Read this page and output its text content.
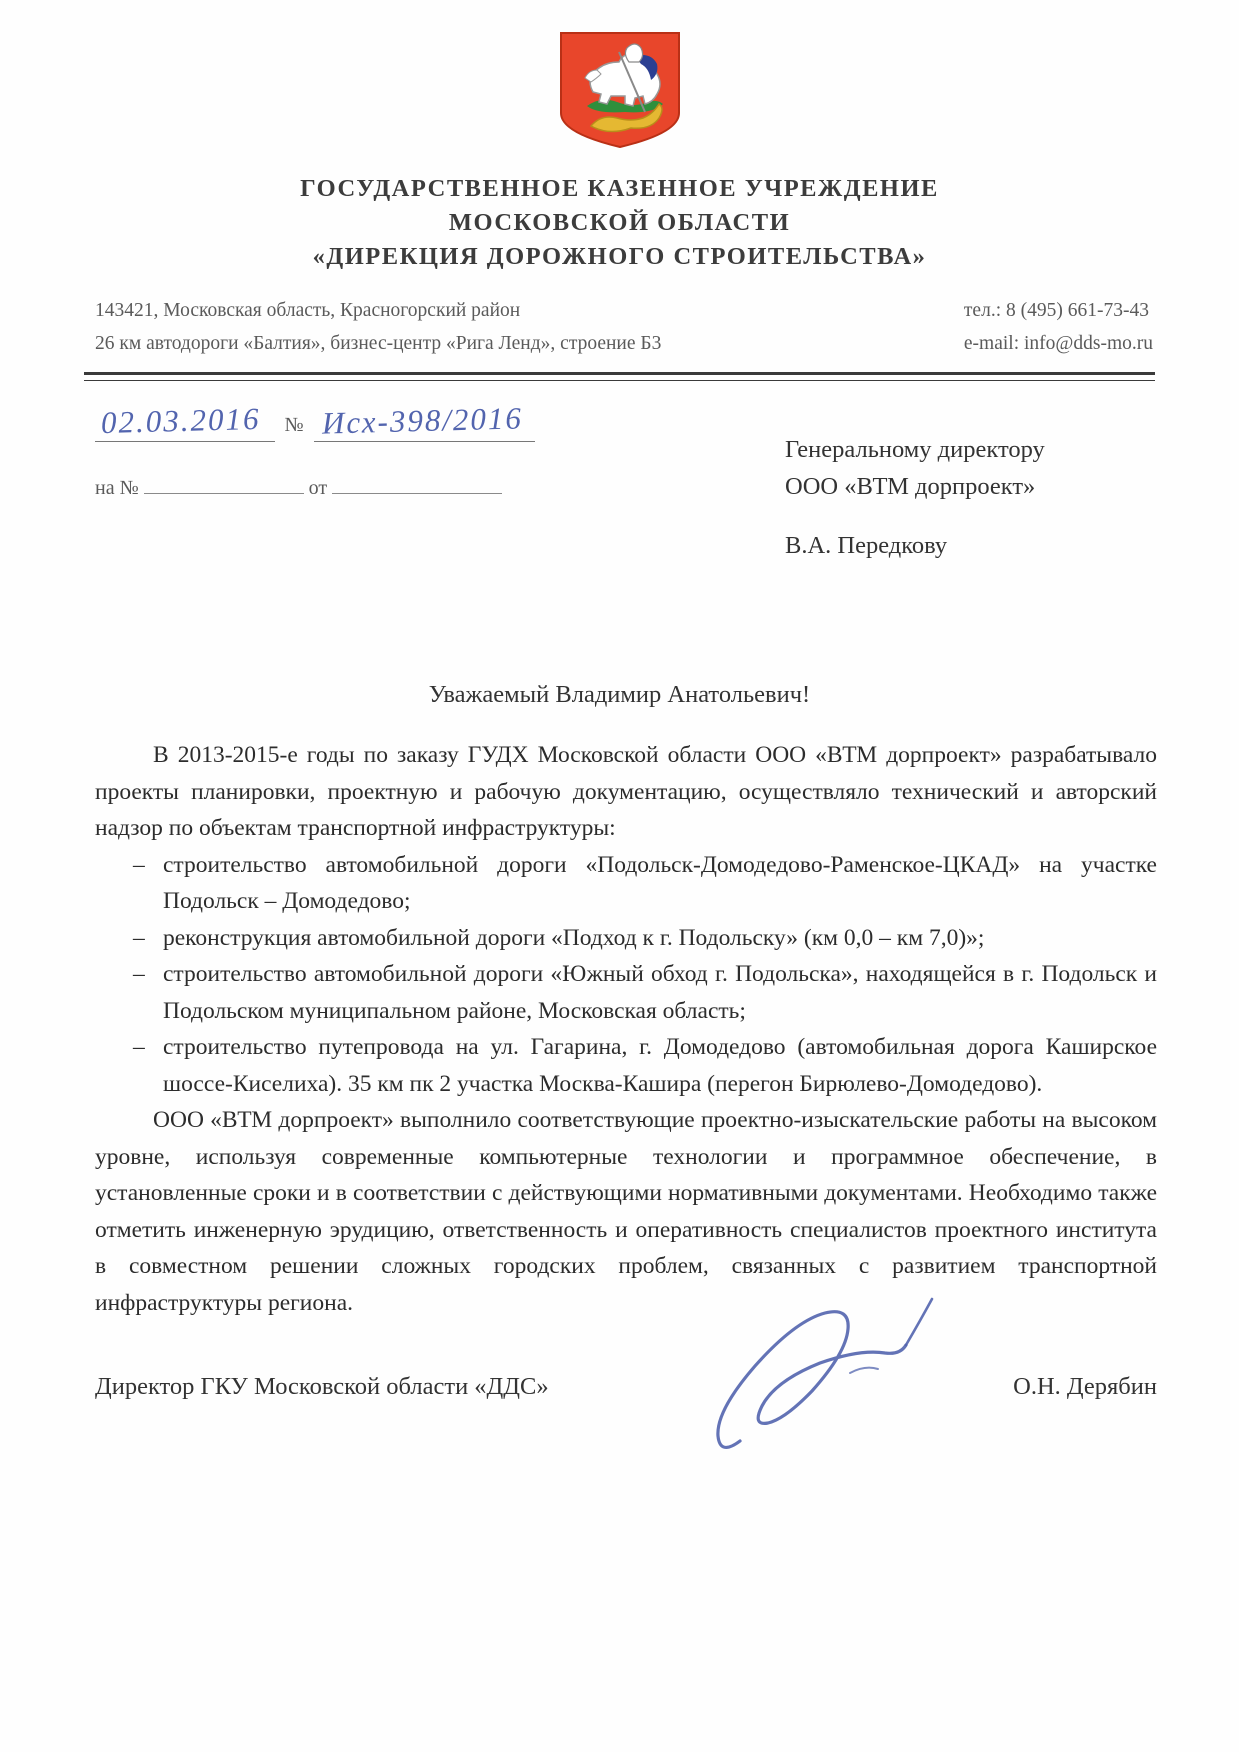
ГОСУДАРСТВЕННОЕ КАЗЕННОЕ УЧРЕЖДЕНИЕ
МОСКОВСКОЙ ОБЛАСТИ
«ДИРЕКЦИЯ ДОРОЖНОГО СТРОИТЕЛЬСТВА»
143421, Московская область, Красногорский район
26 км автодороги «Балтия», бизнес-центр «Рига Ленд», строение Б3
тел.: 8 (495) 661-73-43
e-mail: info@dds-mo.ru
02.03.2016 № Исх-398/2016
на №	от
Генеральному директору
ООО «ВТМ дорпроект»
В.А. Передкову
Уважаемый Владимир Анатольевич!

В 2013-2015-е годы по заказу ГУДХ Московской области ООО «ВТМ дорпроект» разрабатывало проекты планировки, проектную и рабочую документацию, осуществляло технический и авторский надзор по объектам транспортной инфраструктуры:

– строительство автомобильной дороги «Подольск-Домодедово-Раменское-ЦКАД» на участке Подольск – Домодедово;
– реконструкция автомобильной дороги «Подход к г. Подольску» (км 0,0 – км 7,0)»;
– строительство автомобильной дороги «Южный обход г. Подольска», находящейся в г. Подольск и Подольском муниципальном районе, Московская область;
– строительство путепровода на ул. Гагарина, г. Домодедово (автомобильная дорога Каширское шоссе-Киселиха). 35 км пк 2 участка Москва-Кашира (перегон Бирюлево-Домодедово).

ООО «ВТМ дорпроект» выполнило соответствующие проектно-изыскательские работы на высоком уровне, используя современные компьютерные технологии и программное обеспечение, в установленные сроки и в соответствии с действующими нормативными документами. Необходимо также отметить инженерную эрудицию, ответственность и оперативность специалистов проектного института в совместном решении сложных городских проблем, связанных с развитием транспортной инфраструктуры региона.

Директор ГКУ Московской области «ДДС»	О.Н. Дерябин
